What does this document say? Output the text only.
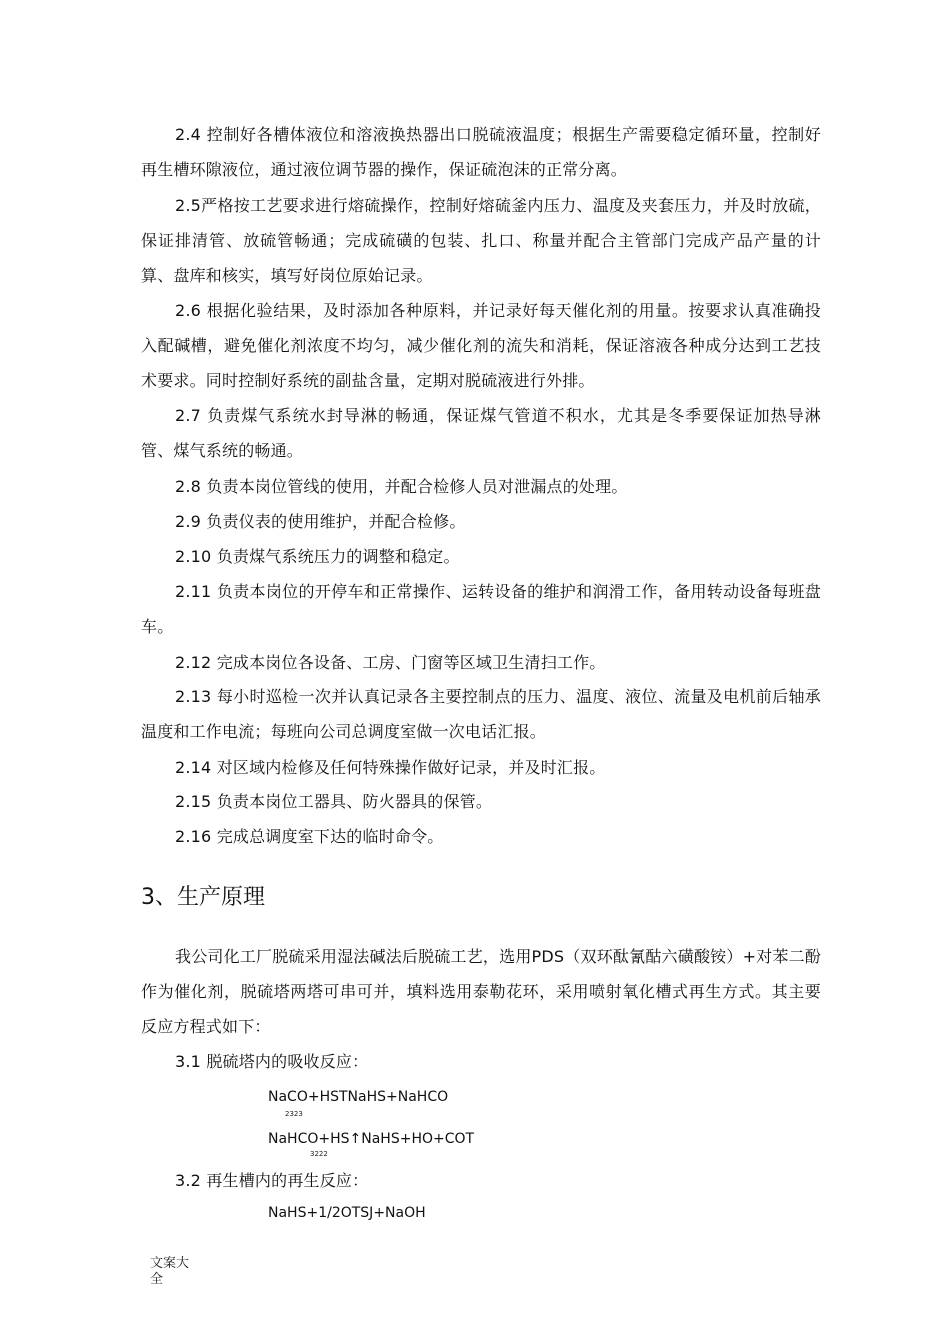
2.4 控制好各槽体液位和溶液换热器出口脱硫液温度；根据生产需要稳定循环量，控制好再生槽环隙液位，通过液位调节器的操作，保证硫泡沫的正常分离。

2.5严格按工艺要求进行熔硫操作，控制好熔硫釜内压力、温度及夹套压力，并及时放硫，保证排清管、放硫管畅通；完成硫磺的包装、扎口、称量并配合主管部门完成产品产量的计算、盘库和核实，填写好岗位原始记录。

2.6 根据化验结果，及时添加各种原料，并记录好每天催化剂的用量。按要求认真准确投入配碱槽，避免催化剂浓度不均匀，减少催化剂的流失和消耗，保证溶液各种成分达到工艺技术要求。同时控制好系统的副盐含量，定期对脱硫液进行外排。

2.7 负责煤气系统水封导淋的畅通，保证煤气管道不积水，尤其是冬季要保证加热导淋管、煤气系统的畅通。

2.8 负责本岗位管线的使用，并配合检修人员对泄漏点的处理。

2.9 负责仪表的使用维护，并配合检修。

2.10 负责煤气系统压力的调整和稳定。

2.11 负责本岗位的开停车和正常操作、运转设备的维护和润滑工作，备用转动设备每班盘车。

2.12 完成本岗位各设备、工房、门窗等区域卫生清扫工作。

2.13 每小时巡检一次并认真记录各主要控制点的压力、温度、液位、流量及电机前后轴承温度和工作电流；每班向公司总调度室做一次电话汇报。

2.14 对区域内检修及任何特殊操作做好记录，并及时汇报。

2.15 负责本岗位工器具、防火器具的保管。

2.16 完成总调度室下达的临时命令。

3、生产原理

我公司化工厂脱硫采用湿法碱法后脱硫工艺，选用PDS（双环酞氰酤六磺酸铵）+对苯二酚作为催化剂，脱硫塔两塔可串可并，填料选用泰勒花环，采用喷射氧化槽式再生方式。其主要反应方程式如下：

3.1 脱硫塔内的吸收反应：

NaCO+HSTNaHS+NaHCO

2323

NaHCO+HS↑NaHS+HO+COT

3222

3.2 再生槽内的再生反应：

NaHS+1/2OTSJ+NaOH

文案大全
